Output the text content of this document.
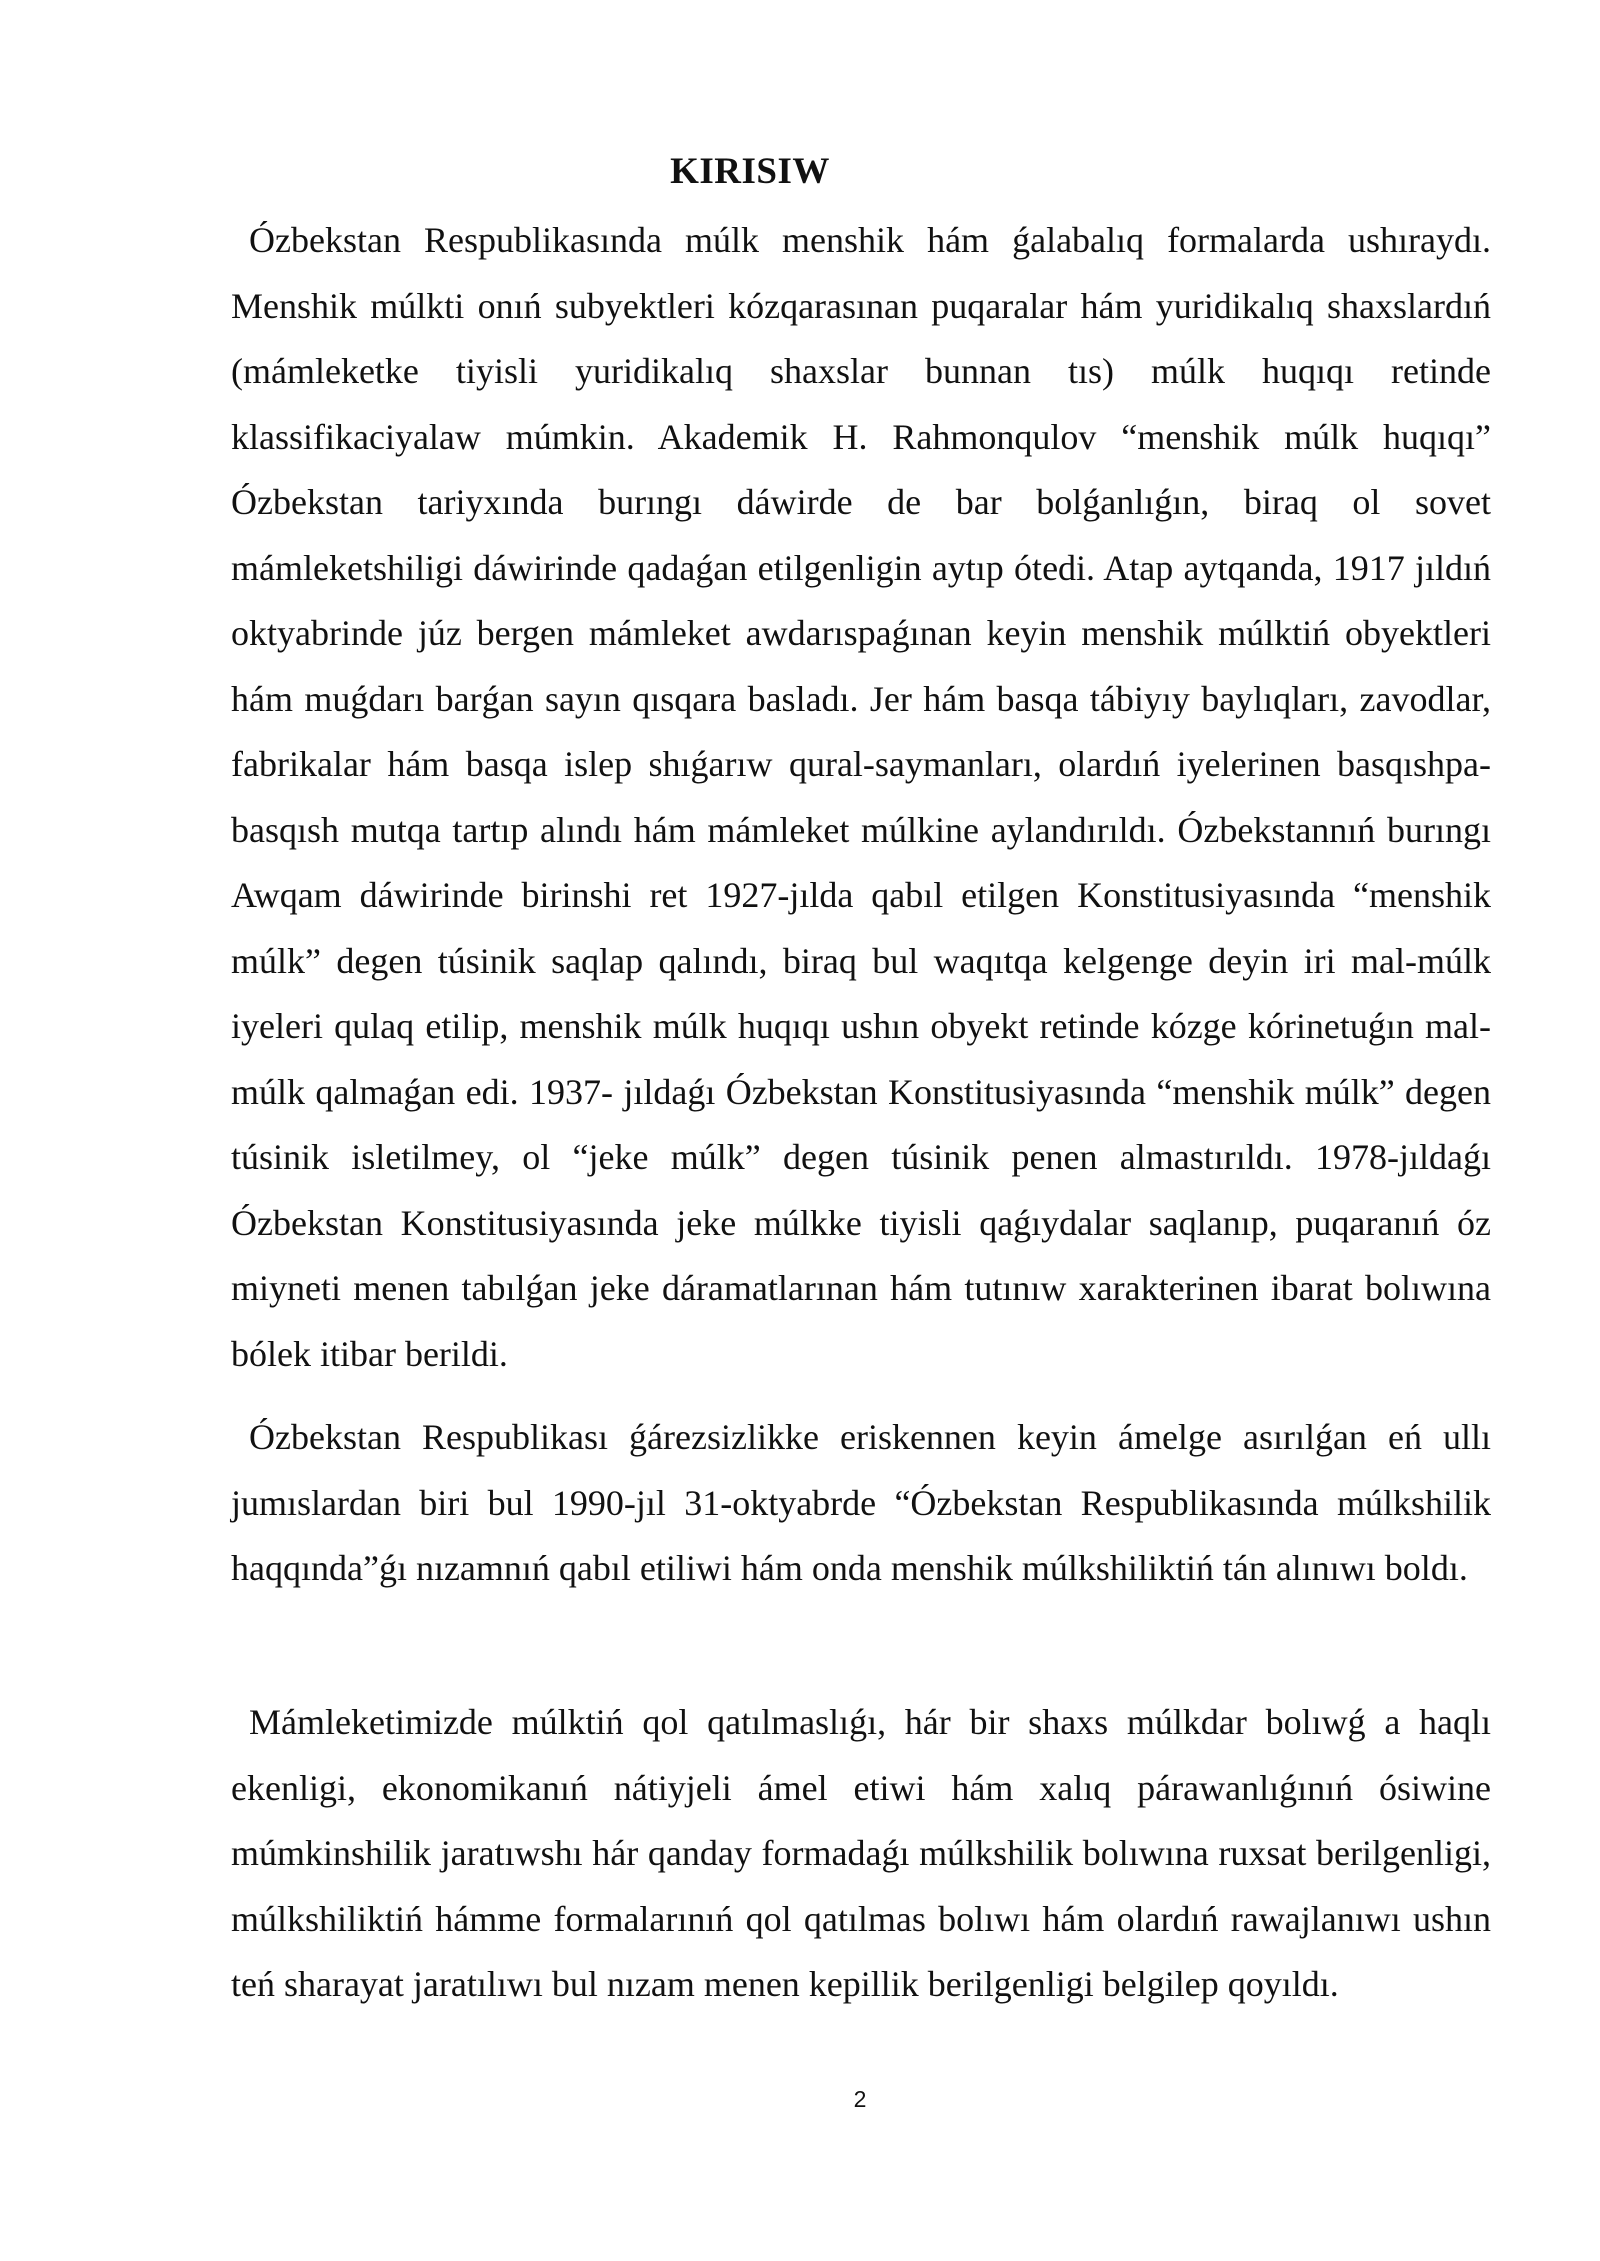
KIRISIW

Ózbekstan Respublikasında múlk menshik hám ǵalabalıq formalarda ushıraydı. Menshik múlkti onıń subyektleri kózqarasınan puqaralar hám yuridikalıq shaxslardıń (mámleketke tiyisli yuridikalıq shaxslar bunnan tıs) múlk huqıqı retinde klassifikaciyalaw múmkin. Akademik H. Rahmonqulov “menshik múlk huqıqı” Ózbekstan tariyxında burıngı dáwirde de bar bolǵanlıǵın, biraq ol sovet mámleketshiligi dáwirinde qadaǵan etilgenligin aytıp ótedi. Atap aytqanda, 1917 jıldıń oktyabrinde júz bergen mámleket awdarıspaǵınan keyin menshik múlktiń obyektleri hám muǵdarı barǵan sayın qısqara basladı. Jer hám basqa tábiyıy baylıqları, zavodlar, fabrikalar hám basqa islep shıǵarıw qural-saymanları, olardıń iyelerinen basqıshpa-basqısh mutqa tartıp alındı hám mámleket múlkine aylandırıldı. Ózbekstannıń burıngı Awqam dáwirinde birinshi ret 1927-jılda qabıl etilgen Konstitusiyasında “menshik múlk” degen túsinik saqlap qalındı, biraq bul waqıtqa kelgenge deyin iri mal-múlk iyeleri qulaq etilip, menshik múlk huqıqı ushın obyekt retinde kózge kórinetuǵın mal-múlk qalmaǵan edi. 1937- jıldaǵı Ózbekstan Konstitusiyasında “menshik múlk” degen túsinik isletilmey, ol “jeke múlk” degen túsinik penen almastırıldı. 1978-jıldaǵı Ózbekstan Konstitusiyasında jeke múlkke tiyisli qaǵıydalar saqlanıp, puqaranıń óz miyneti menen tabılǵan jeke dáramatlarınan hám tutınıw xarakterinen ibarat bolıwına bólek itibar berildi.

Ózbekstan Respublikası ǵárezsizlikke eriskennen keyin ámelge asırılǵan eń ullı jumıslardan biri bul 1990-jıl 31-oktyabrde “Ózbekstan Respublikasında múlkshilik haqqında”ǵı nızamnıń qabıl etiliwi hám onda menshik múlkshiliktiń tán alınıwı boldı.

Mámleketimizde múlktiń qol qatılmaslıǵı, hár bir shaxs múlkdar bolıwǵ a haqlı ekenligi, ekonomikanıń nátiyjeli ámel etiwi hám xalıq párawanlıǵınıń ósiwine múmkinshilik jaratıwshı hár qanday formadaǵı múlkshilik bolıwına ruxsat berilgenligi, múlkshiliktiń hámme formalarınıń qol qatılmas bolıwı hám olardıń rawajlanıwı ushın teń sharayat jaratılıwı bul nızam menen kepillik berilgenligi belgilep qoyıldı.

2
